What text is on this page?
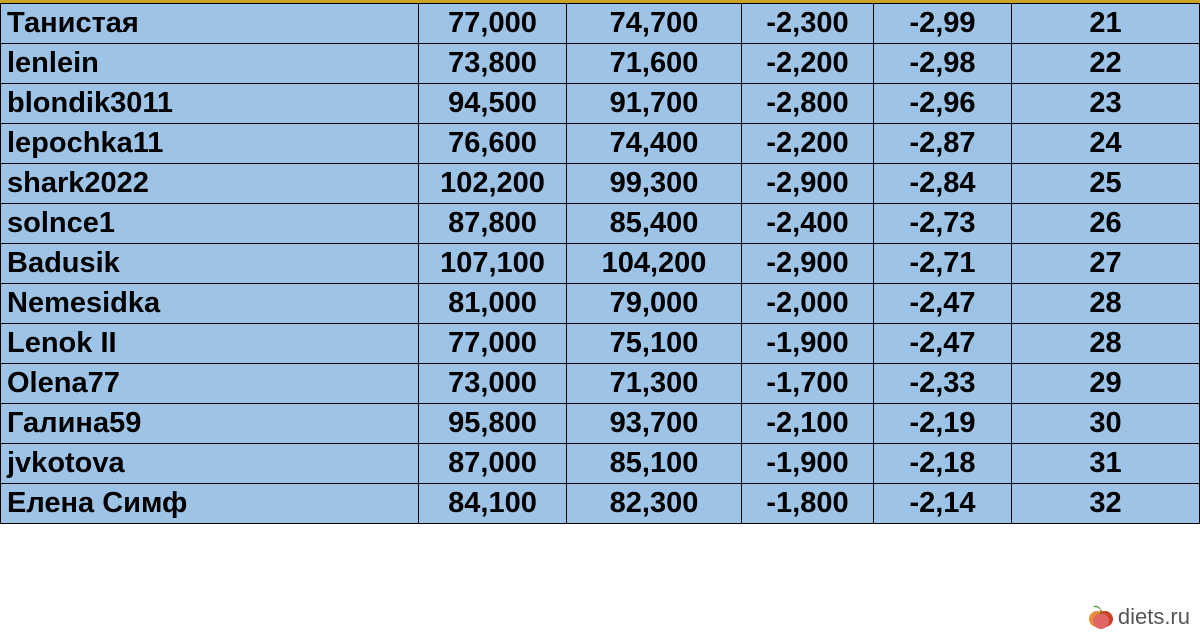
Танистая	77,000	74,700	-2,300	-2,99	21
lenlein	73,800	71,600	-2,200	-2,98	22
blondik3011	94,500	91,700	-2,800	-2,96	23
lepochka11	76,600	74,400	-2,200	-2,87	24
shark2022	102,200	99,300	-2,900	-2,84	25
solnce1	87,800	85,400	-2,400	-2,73	26
Badusik	107,100	104,200	-2,900	-2,71	27
Nemesidka	81,000	79,000	-2,000	-2,47	28
Lenok II	77,000	75,100	-1,900	-2,47	28
Olena77	73,000	71,300	-1,700	-2,33	29
Галина59	95,800	93,700	-2,100	-2,19	30
jvkotova	87,000	85,100	-1,900	-2,18	31
Елена Симф	84,100	82,300	-1,800	-2,14	32
diets.ru
